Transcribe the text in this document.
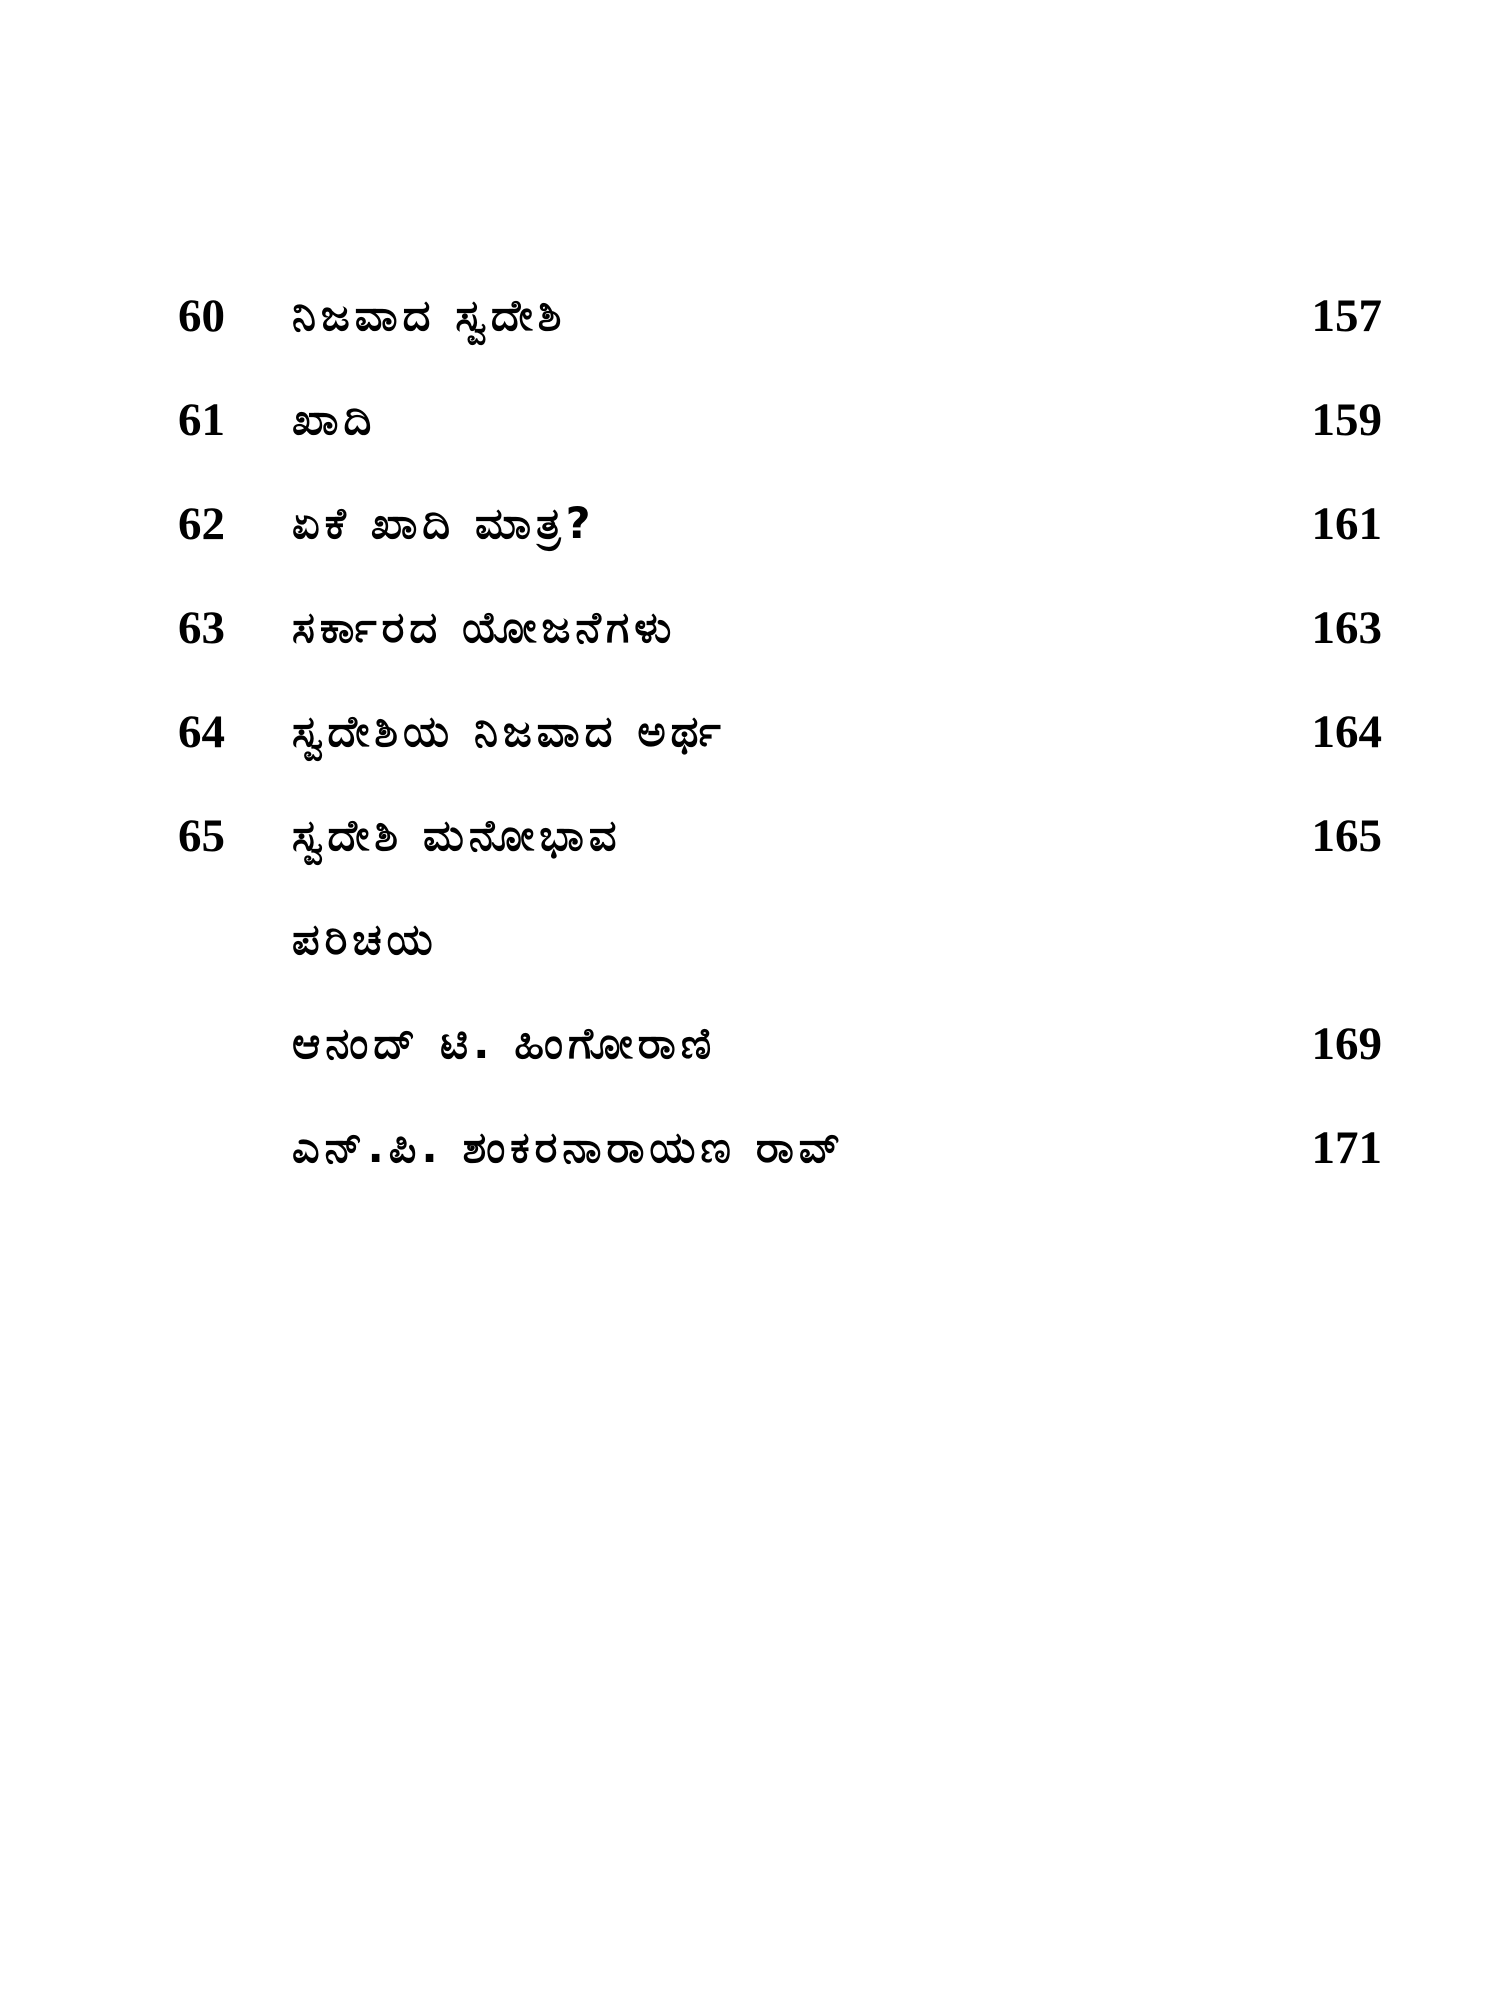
60 ನಿಜವಾದ ಸ್ವದೇಶಿ	157
61 ಖಾದಿ	159
62 ಏಕೆ ಖಾದಿ ಮಾತ್ರ?	161
63 ಸರ್ಕಾರದ ಯೋಜನೆಗಳು	163
64 ಸ್ವದೇಶಿಯ ನಿಜವಾದ ಅರ್ಥ	164
65 ಸ್ವದೇಶಿ ಮನೋಭಾವ	165
ಪರಿಚಯ
ಆನಂದ್ ಟಿ. ಹಿಂಗೋರಾಣಿ	169
ಎನ್.ಪಿ. ಶಂಕರನಾರಾಯಣ ರಾವ್	171
